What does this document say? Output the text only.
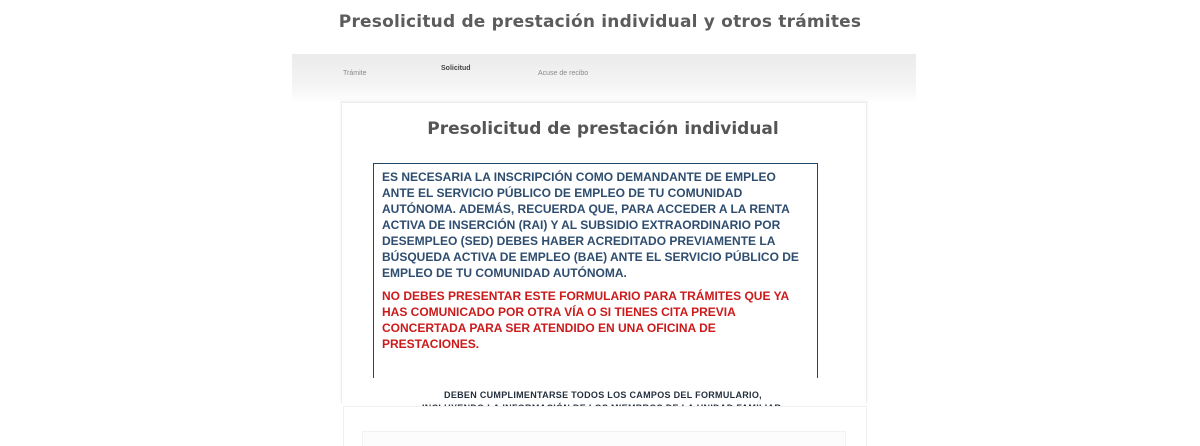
Presolicitud de prestación individual y otros trámites
Trámite
Solicitud
Acuse de recibo
Presolicitud de prestación individual

ES NECESARIA LA INSCRIPCIÓN COMO DEMANDANTE DE EMPLEO ANTE EL SERVICIO PÚBLICO DE EMPLEO DE TU COMUNIDAD AUTÓNOMA. ADEMÁS, RECUERDA QUE, PARA ACCEDER A LA RENTA ACTIVA DE INSERCIÓN (RAI) Y AL SUBSIDIO EXTRAORDINARIO POR DESEMPLEO (SED) DEBES HABER ACREDITADO PREVIAMENTE LA BÚSQUEDA ACTIVA DE EMPLEO (BAE) ANTE EL SERVICIO PÚBLICO DE EMPLEO DE TU COMUNIDAD AUTÓNOMA.

NO DEBES PRESENTAR ESTE FORMULARIO PARA TRÁMITES QUE YA HAS COMUNICADO POR OTRA VÍA O SI TIENES CITA PREVIA CONCERTADA PARA SER ATENDIDO EN UNA OFICINA DE PRESTACIONES.

DEBEN CUMPLIMENTARSE TODOS LOS CAMPOS DEL FORMULARIO,
